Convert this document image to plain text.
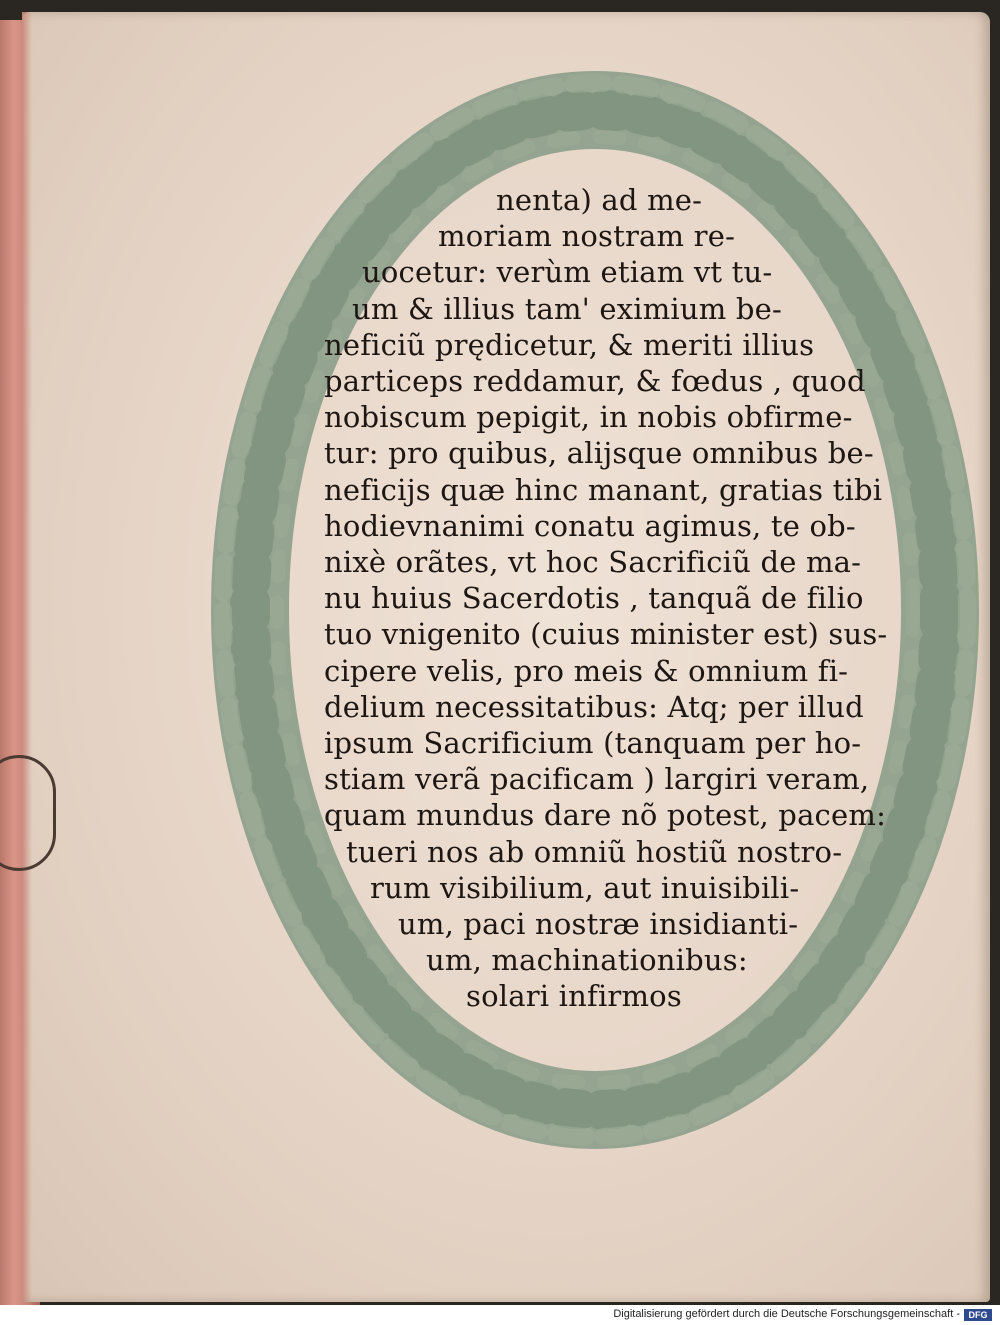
nenta) ad me-
moriam nostram re-
uocetur: verùm etiam vt tu-
um & illius tam' eximium be-
neficiũ prędicetur, & meriti illius
particeps reddamur, & fœdus , quod
nobiscum pepigit, in nobis obfirme-
tur: pro quibus, alijsque omnibus be-
neficijs quæ hinc manant, gratias tibi
hodievnanimi conatu agimus, te ob-
nixè orãtes, vt hoc Sacrificiũ de ma-
nu huius Sacerdotis , tanquã de filio
tuo vnigenito (cuius minister est) sus-
cipere velis, pro meis & omnium fi-
delium necessitatibus: Atq; per illud
ipsum Sacrificium (tanquam per ho-
stiam verã pacificam ) largiri veram,
quam mundus dare nõ potest, pacem:
tueri nos ab omniũ hostiũ nostro-
rum visibilium, aut inuisibili-
um, paci nostræ insidianti-
um, machinationibus:
solari infirmos
Digitalisierung gefördert durch die Deutsche Forschungsgemeinschaft - DFG
